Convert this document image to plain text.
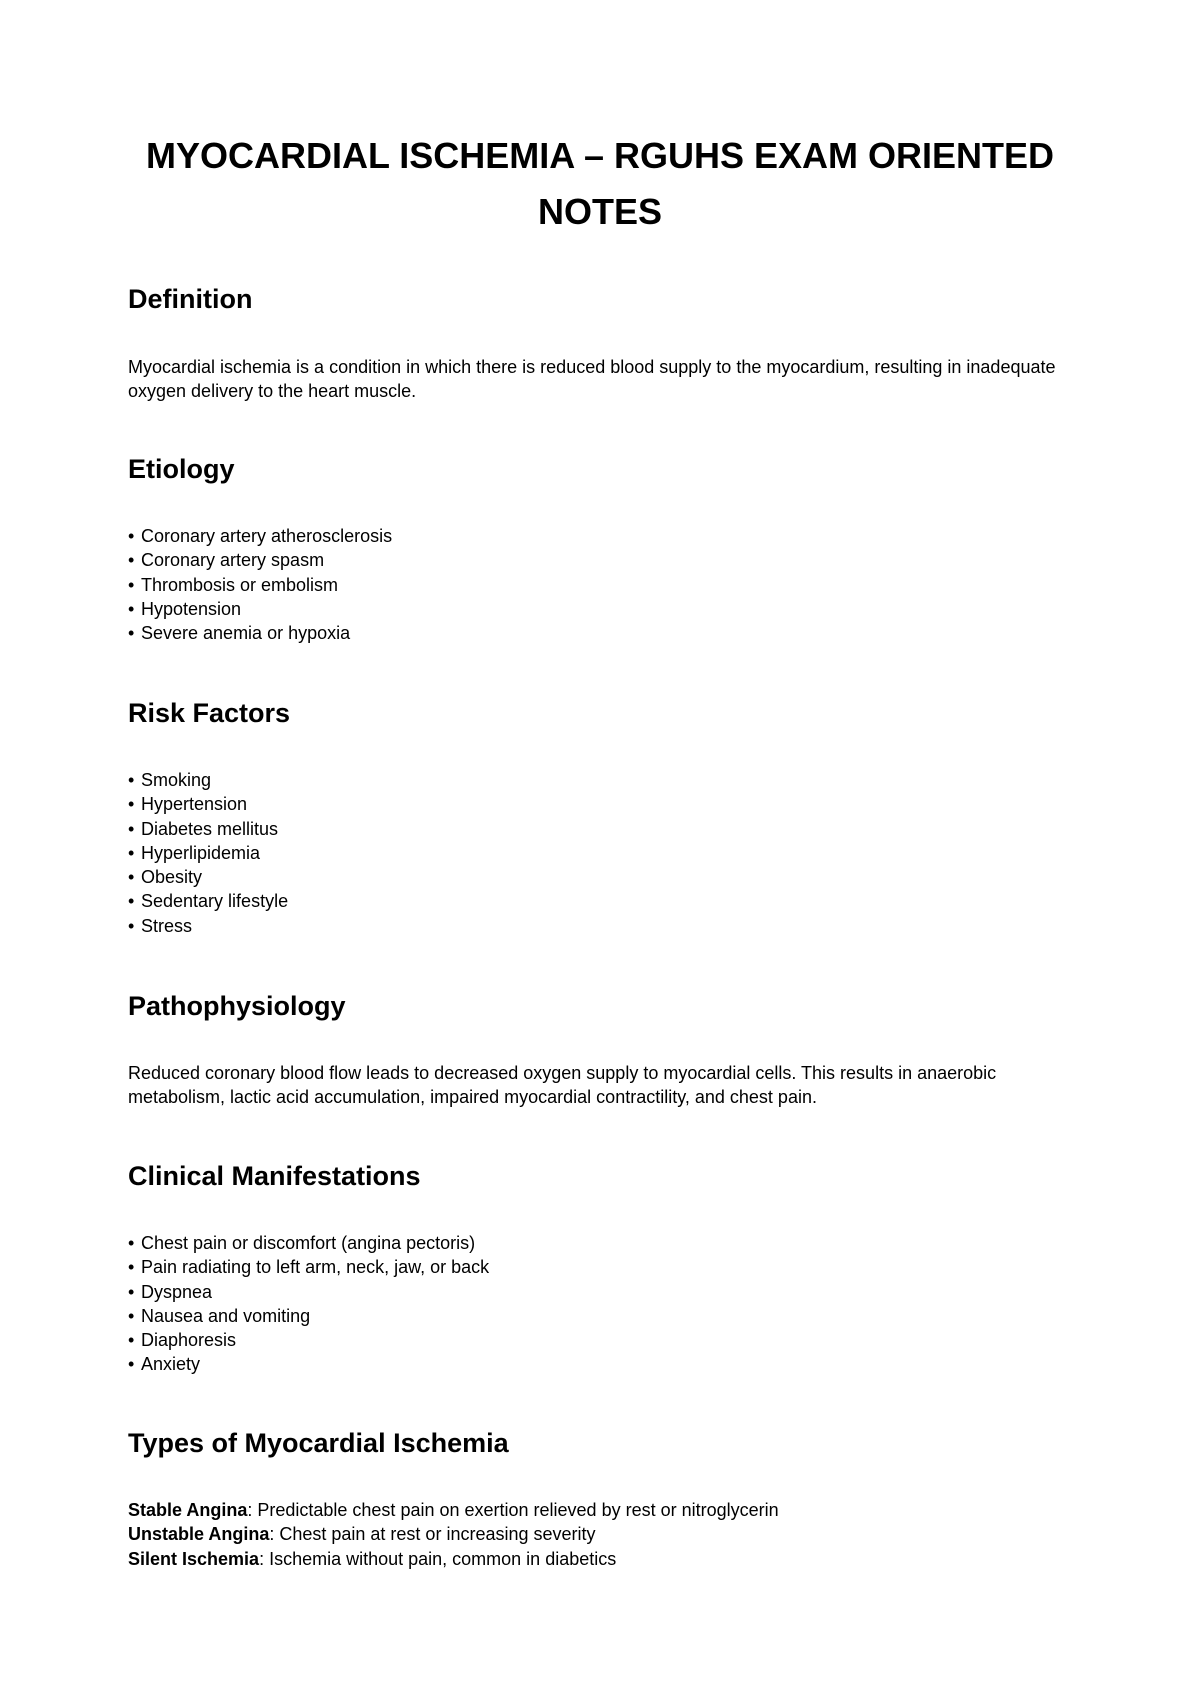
MYOCARDIAL ISCHEMIA – RGUHS EXAM ORIENTED NOTES
Definition

Myocardial ischemia is a condition in which there is reduced blood supply to the myocardium, resulting in inadequate oxygen delivery to the heart muscle.

Etiology
• Coronary artery atherosclerosis
• Coronary artery spasm
• Thrombosis or embolism
• Hypotension
• Severe anemia or hypoxia
Risk Factors
• Smoking
• Hypertension
• Diabetes mellitus
• Hyperlipidemia
• Obesity
• Sedentary lifestyle
• Stress
Pathophysiology

Reduced coronary blood flow leads to decreased oxygen supply to myocardial cells. This results in anaerobic metabolism, lactic acid accumulation, impaired myocardial contractility, and chest pain.

Clinical Manifestations
• Chest pain or discomfort (angina pectoris)
• Pain radiating to left arm, neck, jaw, or back
• Dyspnea
• Nausea and vomiting
• Diaphoresis
• Anxiety
Types of Myocardial Ischemia
Stable Angina: Predictable chest pain on exertion relieved by rest or nitroglycerin
Unstable Angina: Chest pain at rest or increasing severity
Silent Ischemia: Ischemia without pain, common in diabetics
